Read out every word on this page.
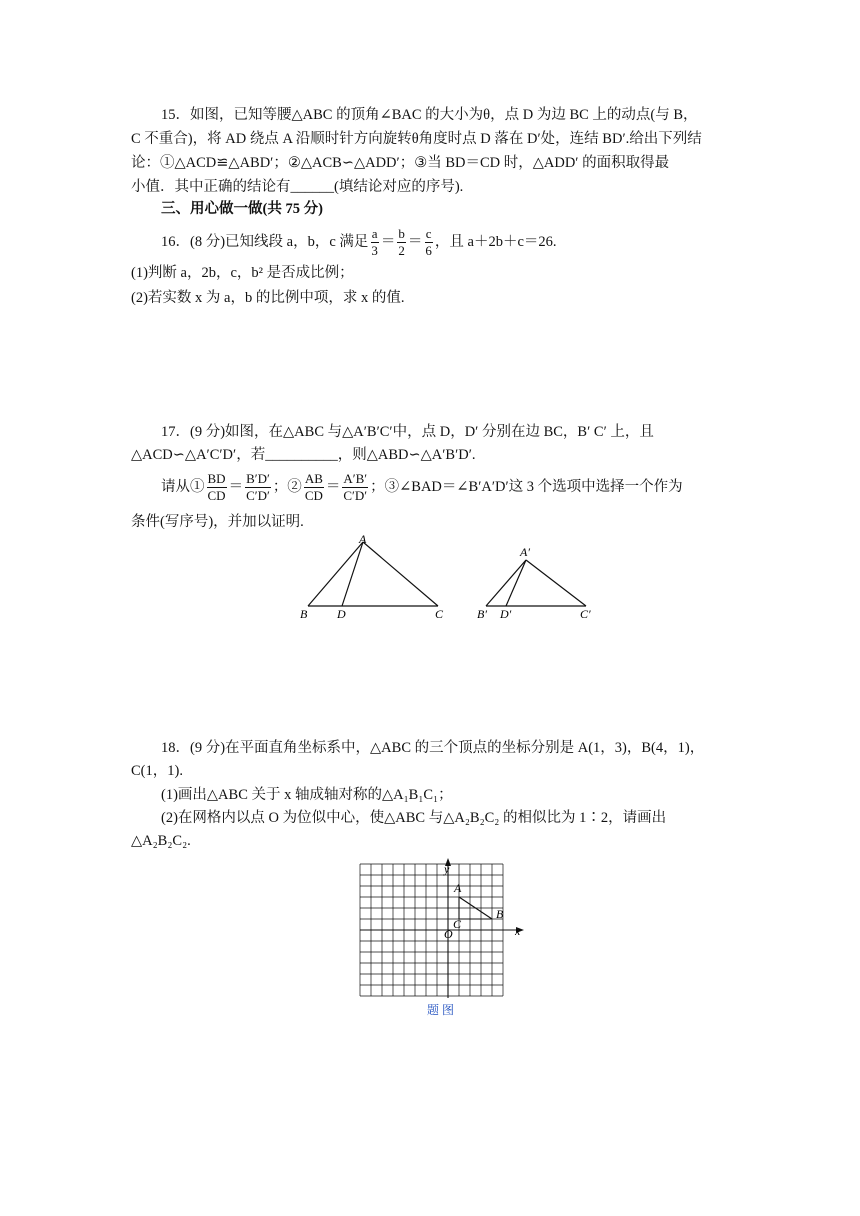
15．如图，已知等腰△ABC 的顶角∠BAC 的大小为θ，点 D 为边 BC 上的动点(与 B，
C 不重合)，将 AD 绕点 A 沿顺时针方向旋转θ角度时点 D 落在 D′处，连结 BD′.给出下列结
论：①△ACD≌△ABD′；②△ACB∽△ADD′；③当 BD＝CD 时，△ADD′ 的面积取得最
小值．其中正确的结论有______(填结论对应的序号).
三、用心做一做(共 75 分)
16．(8 分)已知线段 a，b，c 满足 $\frac{a}{3} = \frac{b}{2} = \frac{c}{6}$ ，且 a＋2b＋c＝26.
(1)判断 a，2b，c，b² 是否成比例；
(2)若实数 x 为 a，b 的比例中项，求 x 的值.
17．(9 分)如图，在△ABC 与△A′B′C′中，点 D，D′ 分别在边 BC，B′ C′ 上，且
△ACD∽△A′C′D′，若__________，则△ABD∽△A′B′D′.
请从① $\frac{BD}{CD} = \frac{B'D'}{C'D'}$ ；② $\frac{AB}{CD} = \frac{A'B'}{C'D'}$ ；③∠BAD＝∠B′A′D′这 3 个选项中选择一个作为
条件(写序号)，并加以证明.
A
B D	C
A′
B′ D′	C′
18．(9 分)在平面直角坐标系中，△ABC 的三个顶点的坐标分别是 A(1，3)，B(4，1)，
C(1，1).
(1)画出△ABC 关于 x 轴成轴对称的△A₁B₁C₁；
(2)在网格内以点 O 为位似中心，使△ABC 与△A₂B₂C₂ 的相似比为 1∶2，请画出
△A₂B₂C₂.
y
x
O
A
B
C
题 图
